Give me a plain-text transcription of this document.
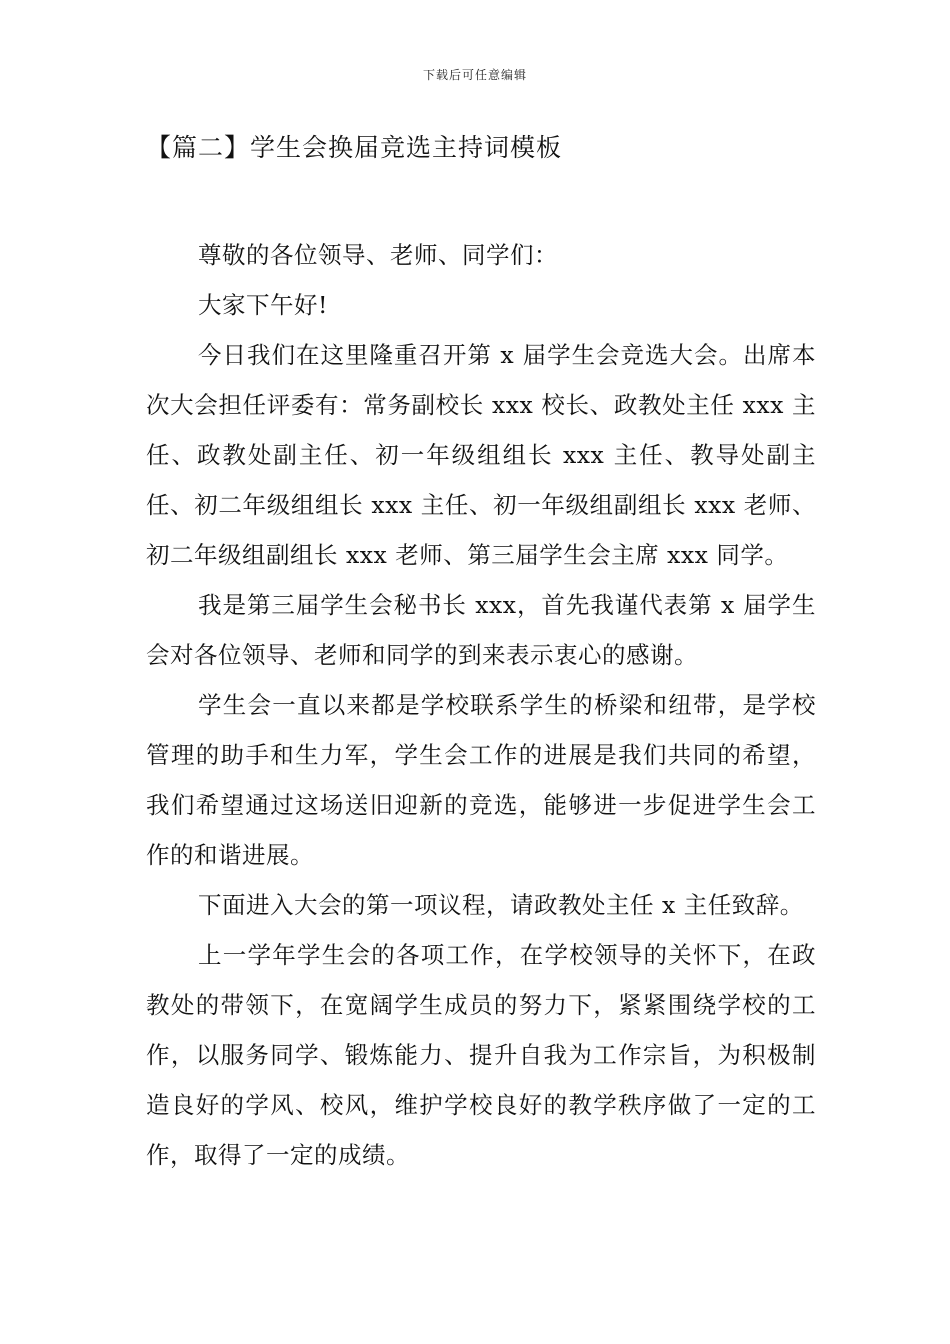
下载后可任意编辑
【篇二】学生会换届竞选主持词模板

尊敬的各位领导、老师、同学们：

大家下午好!

今日我们在这里隆重召开第 x 届学生会竞选大会。出席本次大会担任评委有：常务副校长 xxx 校长、政教处主任 xxx 主任、政教处副主任、初一年级组组长 xxx 主任、教导处副主任、初二年级组组长 xxx 主任、初一年级组副组长 xxx 老师、初二年级组副组长 xxx 老师、第三届学生会主席 xxx 同学。

我是第三届学生会秘书长 xxx，首先我谨代表第 x 届学生会对各位领导、老师和同学的到来表示衷心的感谢。

学生会一直以来都是学校联系学生的桥梁和纽带，是学校管理的助手和生力军，学生会工作的进展是我们共同的希望，我们希望通过这场送旧迎新的竞选，能够进一步促进学生会工作的和谐进展。

下面进入大会的第一项议程，请政教处主任 x 主任致辞。

上一学年学生会的各项工作，在学校领导的关怀下，在政教处的带领下，在宽阔学生成员的努力下，紧紧围绕学校的工作，以服务同学、锻炼能力、提升自我为工作宗旨，为积极制造良好的学风、校风，维护学校良好的教学秩序做了一定的工作，取得了一定的成绩。
